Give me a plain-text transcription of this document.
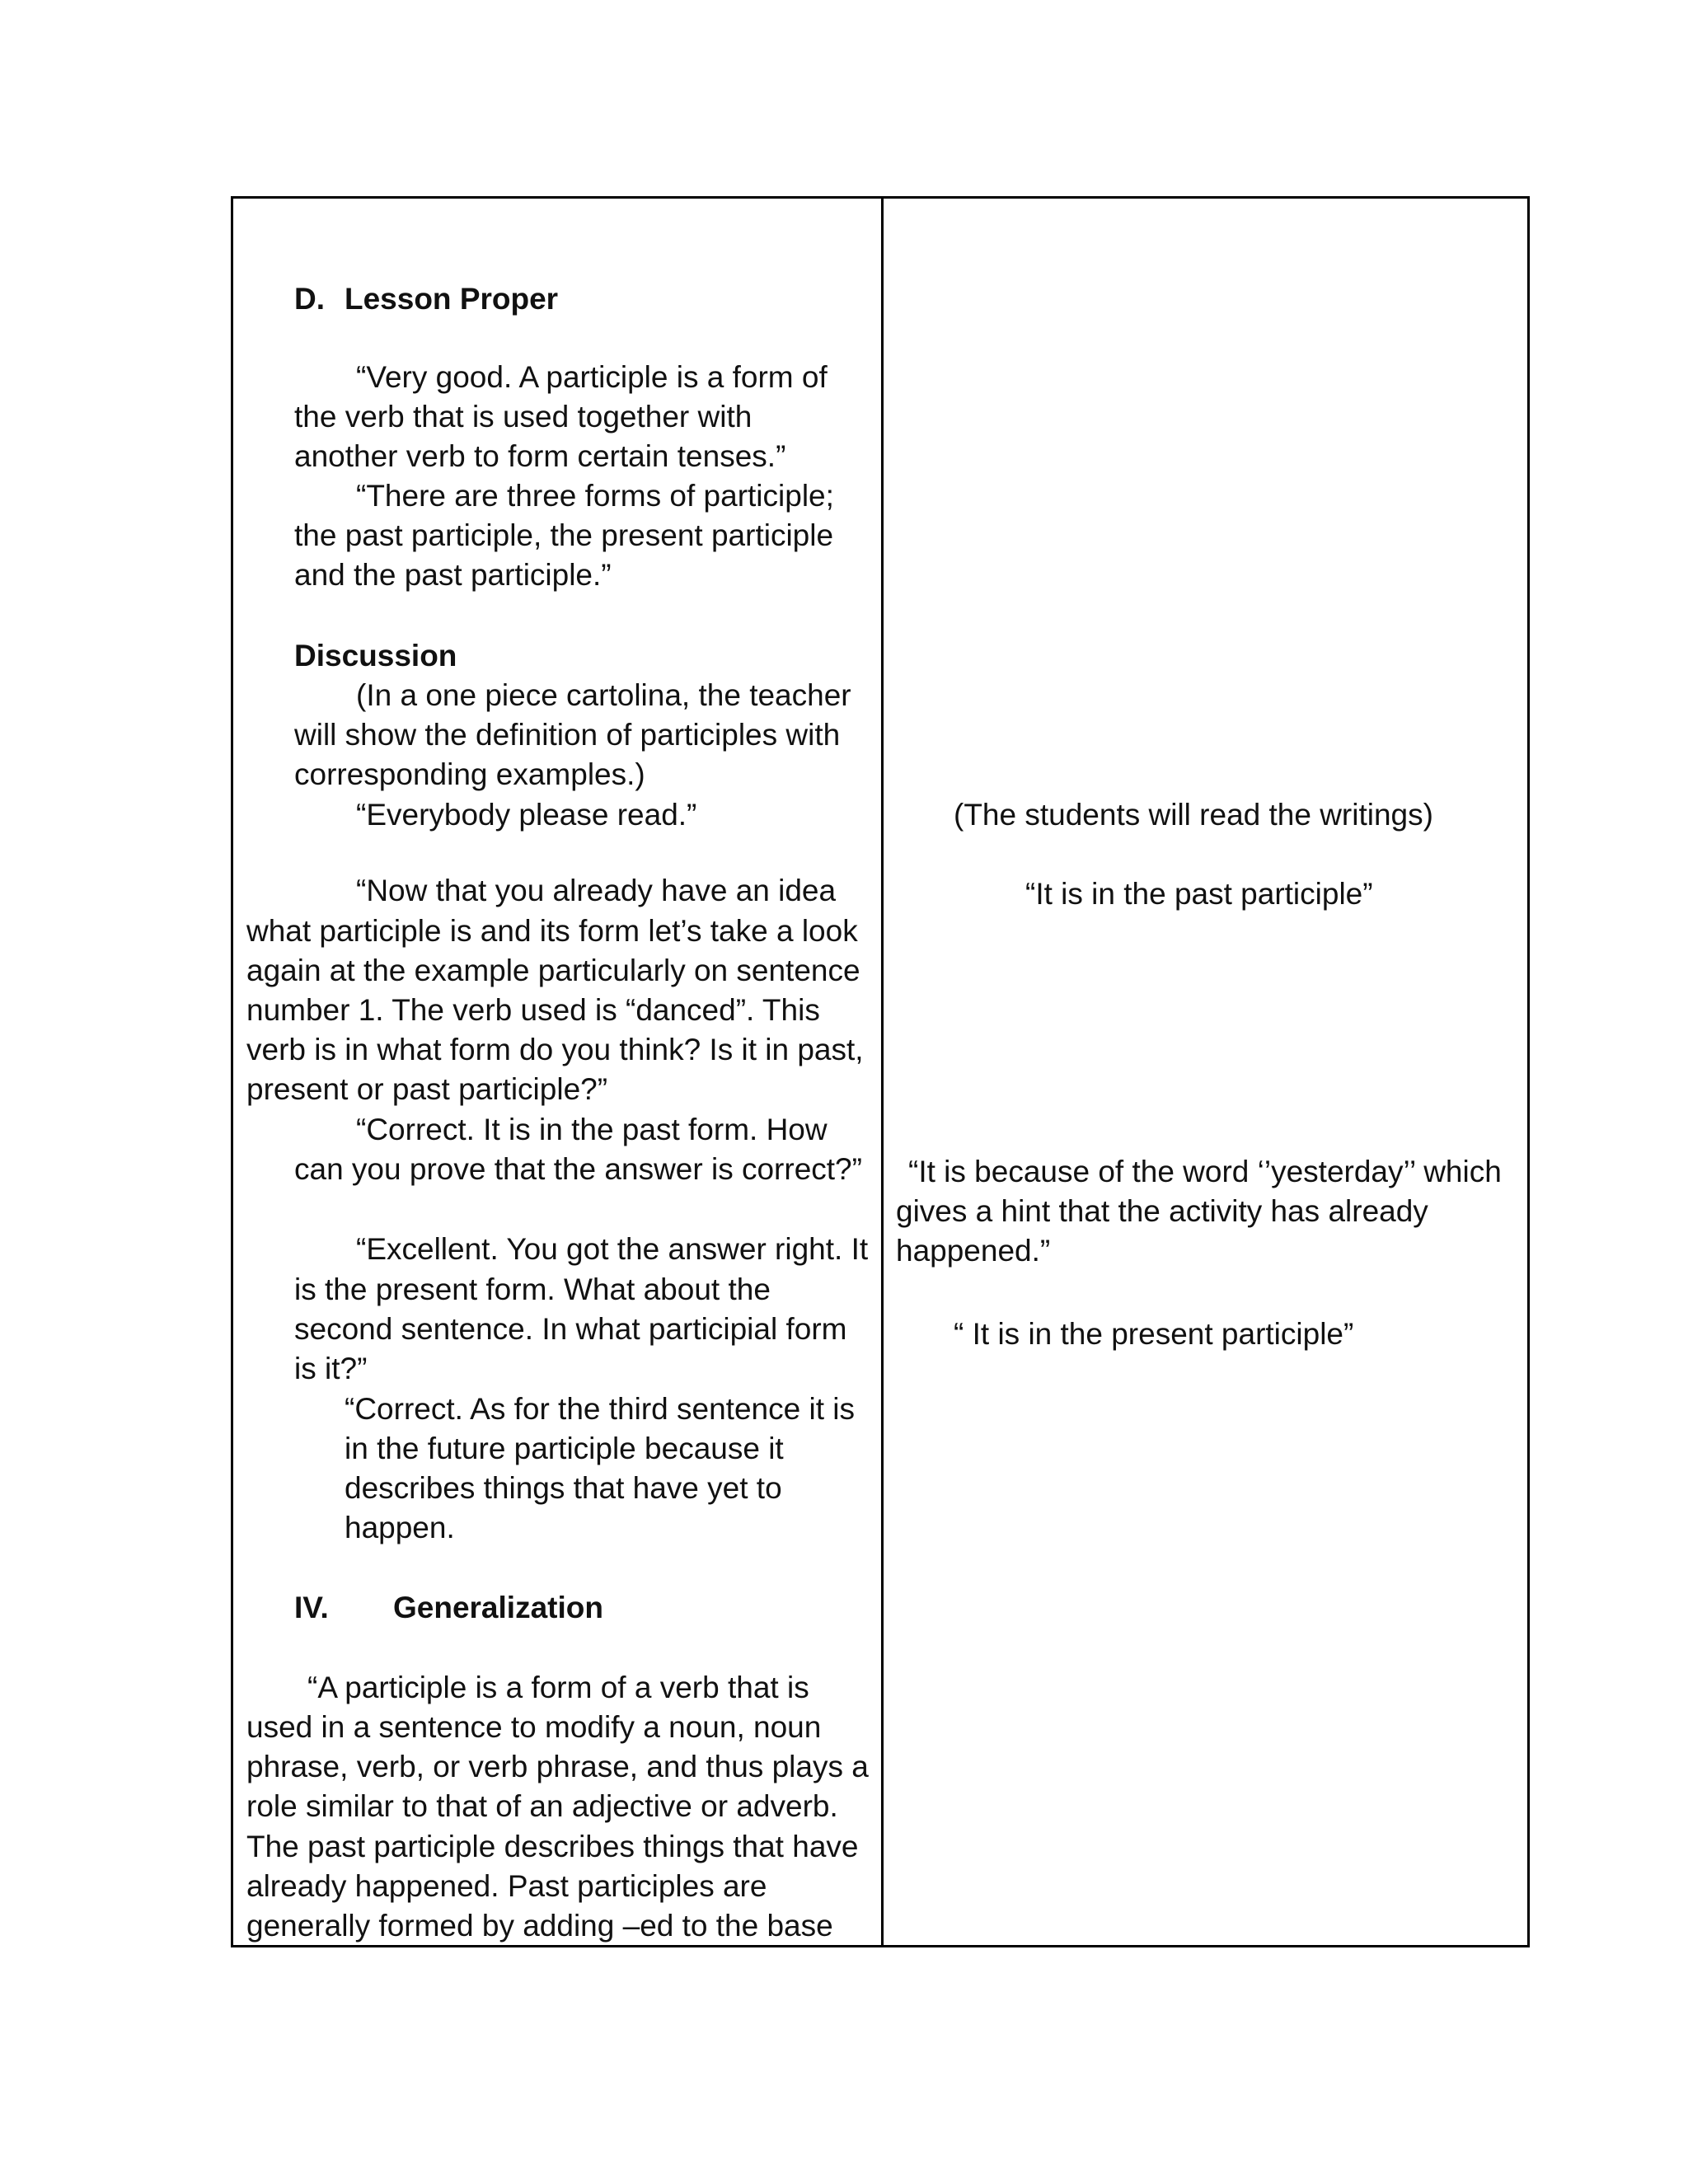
D. Lesson Proper
“Very good. A participle is a form of
the verb that is used together with
another verb to form certain tenses.”
“There are three forms of participle;
the past participle, the present participle
and the past participle.”
Discussion
(In a one piece cartolina, the teacher
will show the definition of participles with
corresponding examples.)
“Everybody please read.”
“Now that you already have an idea
what participle is and its form let’s take a look
again at the example particularly on sentence
number 1. The verb used is “danced”. This
verb is in what form do you think? Is it in past,
present or past participle?”
“Correct. It is in the past form. How
can you prove that the answer is correct?”
“Excellent. You got the answer right. It
is the present form. What about the
second sentence. In what participial form
is it?”
“Correct. As for the third sentence it is
in the future participle because it
describes things that have yet to
happen.
IV. Generalization
“A participle is a form of a verb that is
used in a sentence to modify a noun, noun
phrase, verb, or verb phrase, and thus plays a
role similar to that of an adjective or adverb.
The past participle describes things that have
already happened. Past participles are
generally formed by adding –ed to the base
(The students will read the writings)
“It is in the past participle”
“It is because of the word ‘’yesterday’’ which
gives a hint that the activity has already
happened.”
“ It is in the present participle”
